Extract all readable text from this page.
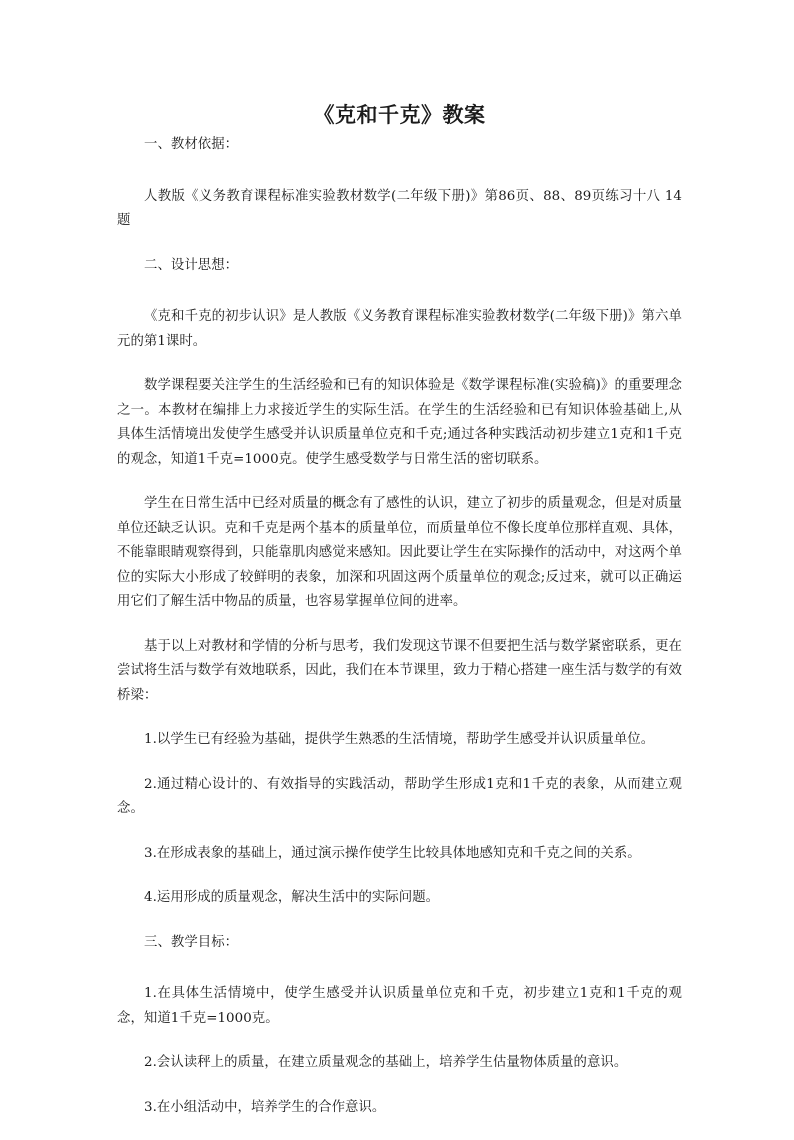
《克和千克》教案

一、教材依据：

人教版《义务教育课程标准实验教材数学(二年级下册)》第86页、88、89页练习十八 14题

二、设计思想：

《克和千克的初步认识》是人教版《义务教育课程标准实验教材数学(二年级下册)》第六单元的第1课时。

数学课程要关注学生的生活经验和已有的知识体验是《数学课程标准(实验稿)》的重要理念之一。本教材在编排上力求接近学生的实际生活。在学生的生活经验和已有知识体验基础上,从具体生活情境出发使学生感受并认识质量单位克和千克;通过各种实践活动初步建立1克和1千克的观念，知道1千克=1000克。使学生感受数学与日常生活的密切联系。

学生在日常生活中已经对质量的概念有了感性的认识，建立了初步的质量观念，但是对质量单位还缺乏认识。克和千克是两个基本的质量单位，而质量单位不像长度单位那样直观、具体，不能靠眼睛观察得到，只能靠肌肉感觉来感知。因此要让学生在实际操作的活动中，对这两个单位的实际大小形成了较鲜明的表象，加深和巩固这两个质量单位的观念;反过来，就可以正确运用它们了解生活中物品的质量，也容易掌握单位间的进率。

基于以上对教材和学情的分析与思考，我们发现这节课不但要把生活与数学紧密联系，更在尝试将生活与数学有效地联系，因此，我们在本节课里，致力于精心搭建一座生活与数学的有效桥梁：

1.以学生已有经验为基础，提供学生熟悉的生活情境，帮助学生感受并认识质量单位。

2.通过精心设计的、有效指导的实践活动，帮助学生形成1克和1千克的表象，从而建立观念。

3.在形成表象的基础上，通过演示操作使学生比较具体地感知克和千克之间的关系。

4.运用形成的质量观念，解决生活中的实际问题。

三、教学目标：

1.在具体生活情境中，使学生感受并认识质量单位克和千克，初步建立1克和1千克的观念，知道1千克=1000克。

2.会认读秤上的质量，在建立质量观念的基础上，培养学生估量物体质量的意识。

3.在小组活动中，培养学生的合作意识。
